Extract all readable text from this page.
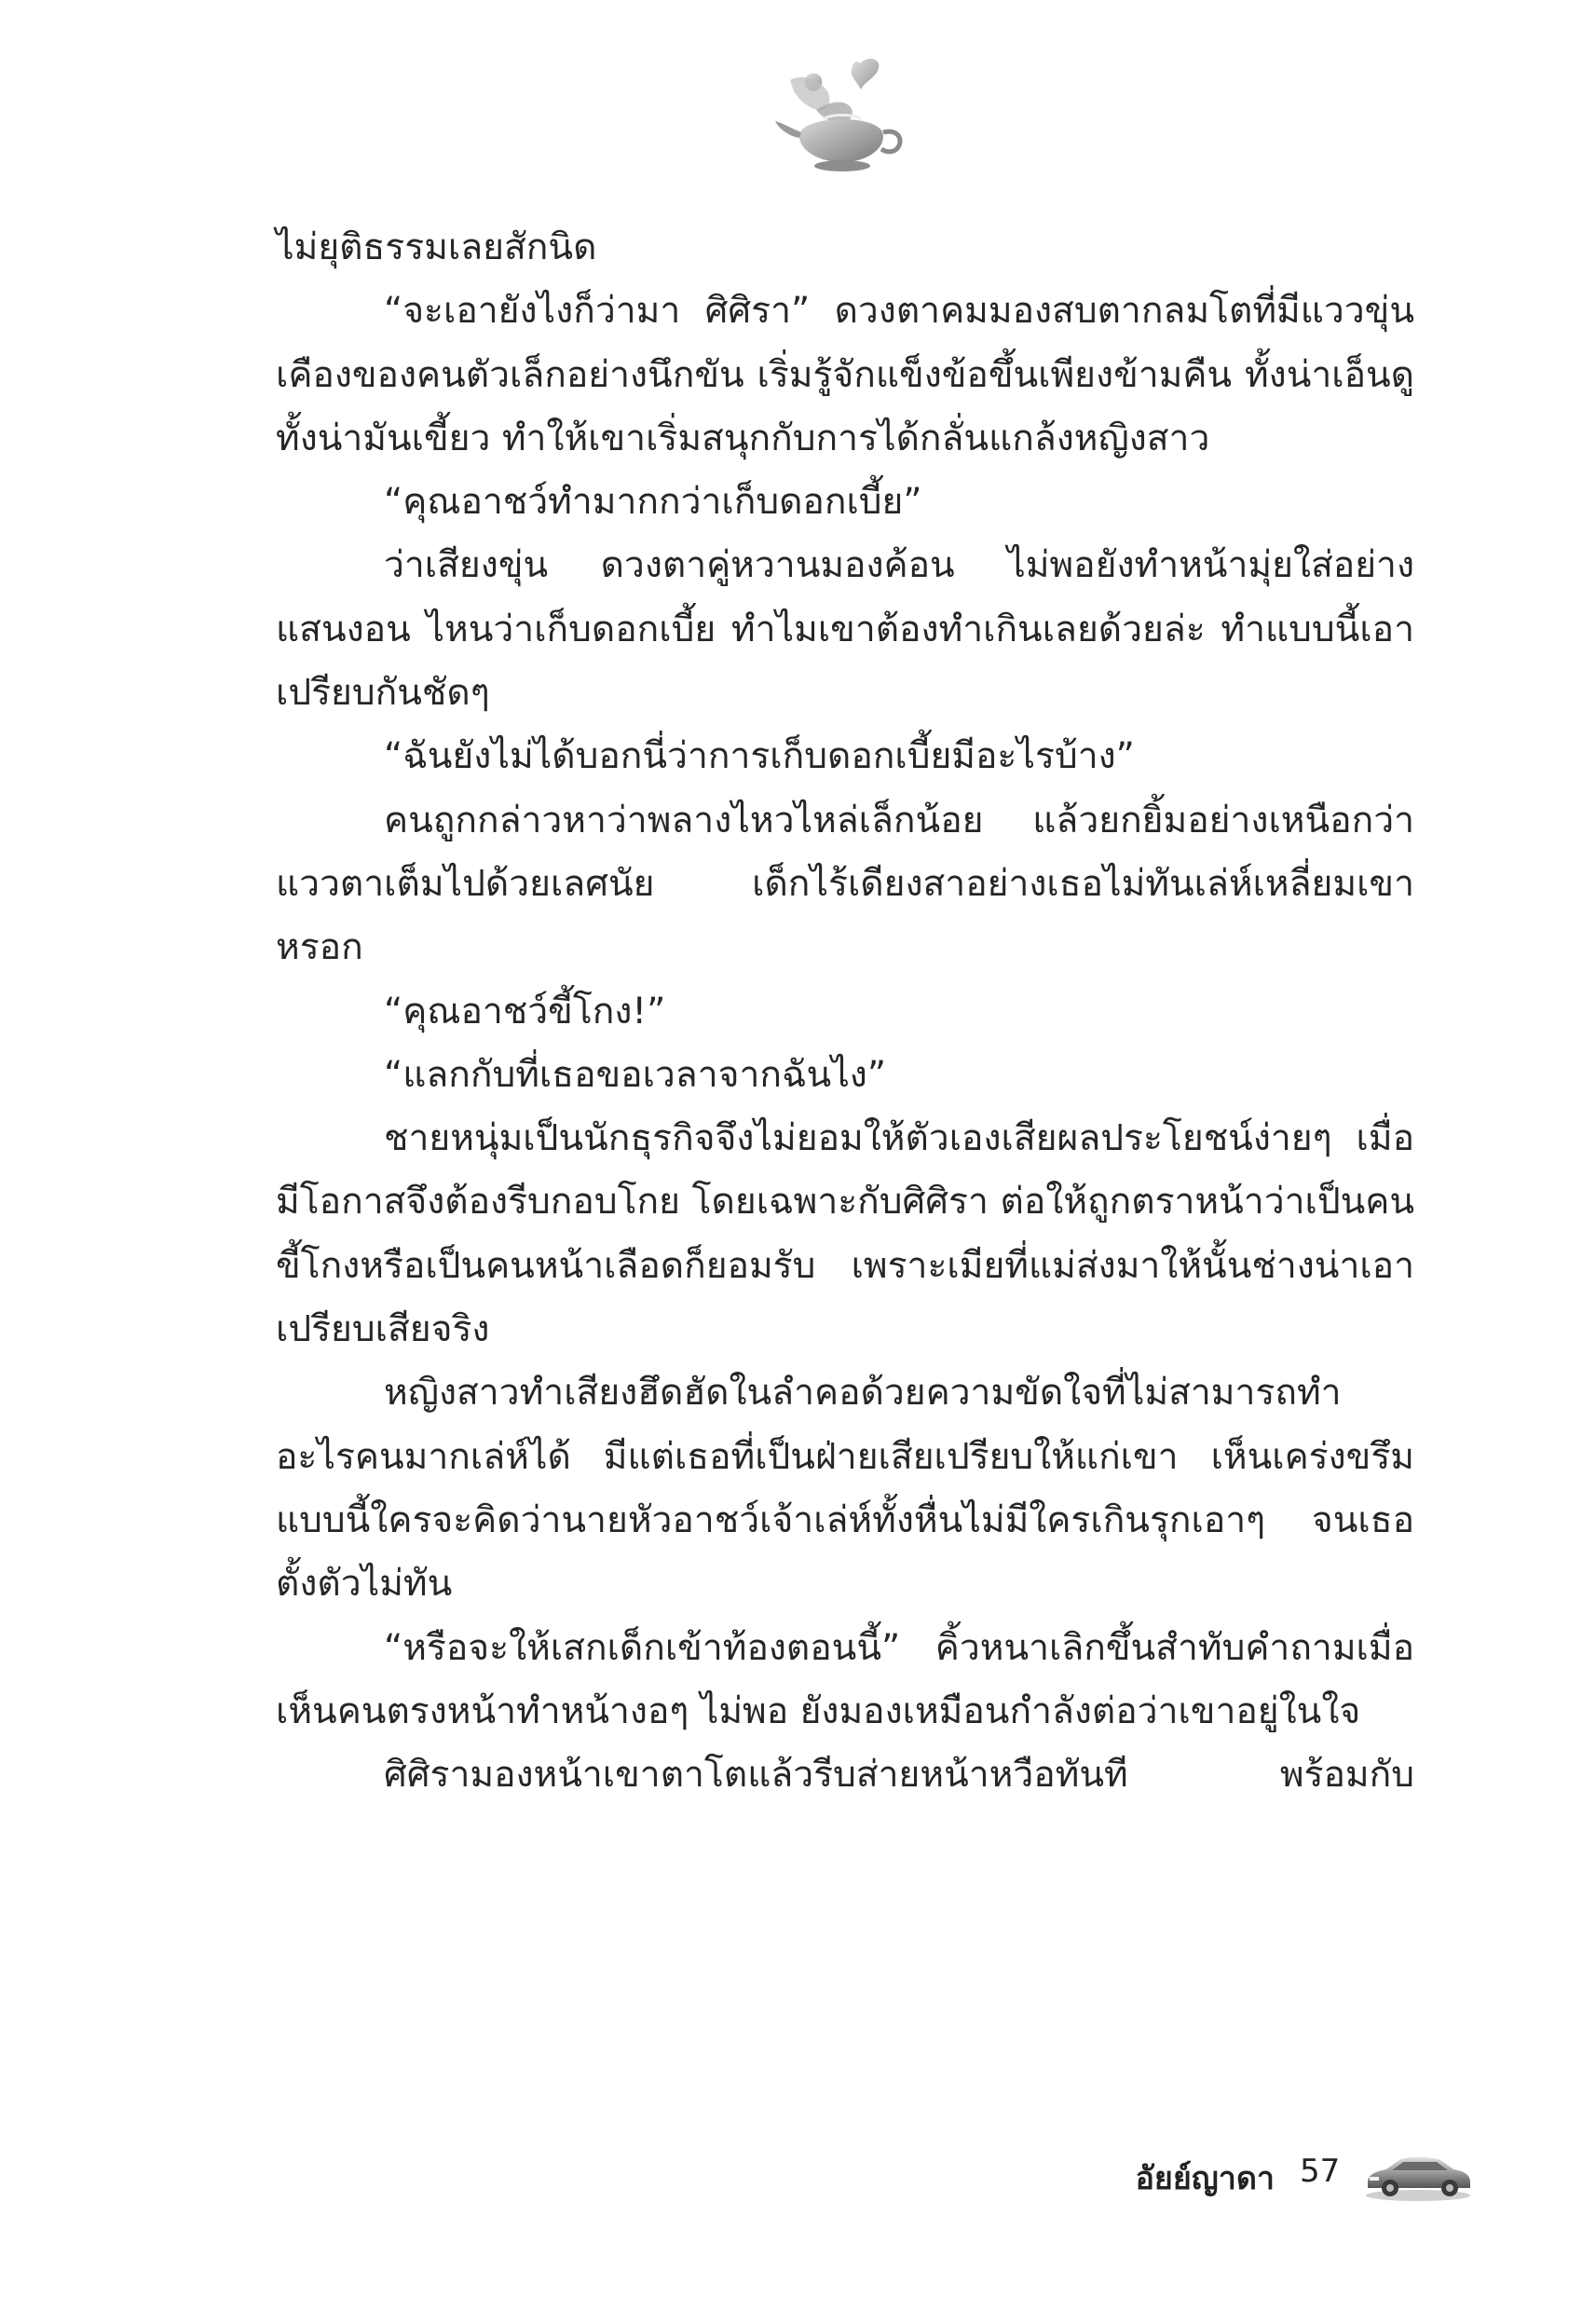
ไม่ยุติธรรมเลยสักนิด

“จะเอายังไงก็ว่ามา ศิศิรา” ดวงตาคมมองสบตากลมโตที่มีแววขุ่นเคืองของคนตัวเล็กอย่างนึกขัน เริ่มรู้จักแข็งข้อขึ้นเพียงข้ามคืน ทั้งน่าเอ็นดูทั้งน่ามันเขี้ยว ทำให้เขาเริ่มสนุกกับการได้กลั่นแกล้งหญิงสาว

“คุณอาชว์ทำมากกว่าเก็บดอกเบี้ย”

ว่าเสียงขุ่น ดวงตาคู่หวานมองค้อน ไม่พอยังทำหน้ามุ่ยใส่อย่างแสนงอน ไหนว่าเก็บดอกเบี้ย ทำไมเขาต้องทำเกินเลยด้วยล่ะ ทำแบบนี้เอาเปรียบกันชัดๆ

“ฉันยังไม่ได้บอกนี่ว่าการเก็บดอกเบี้ยมีอะไรบ้าง”

คนถูกกล่าวหาว่าพลางไหวไหล่เล็กน้อย แล้วยกยิ้มอย่างเหนือกว่าแววตาเต็มไปด้วยเลศนัย เด็กไร้เดียงสาอย่างเธอไม่ทันเล่ห์เหลี่ยมเขาหรอก

“คุณอาชว์ขี้โกง!”

“แลกกับที่เธอขอเวลาจากฉันไง”

ชายหนุ่มเป็นนักธุรกิจจึงไม่ยอมให้ตัวเองเสียผลประโยชน์ง่ายๆ เมื่อมีโอกาสจึงต้องรีบกอบโกย โดยเฉพาะกับศิศิรา ต่อให้ถูกตราหน้าว่าเป็นคนขี้โกงหรือเป็นคนหน้าเลือดก็ยอมรับ เพราะเมียที่แม่ส่งมาให้นั้นช่างน่าเอาเปรียบเสียจริง

หญิงสาวทำเสียงฮึดฮัดในลำคอด้วยความขัดใจที่ไม่สามารถทำอะไรคนมากเล่ห์ได้ มีแต่เธอที่เป็นฝ่ายเสียเปรียบให้แก่เขา เห็นเคร่งขรึมแบบนี้ใครจะคิดว่านายหัวอาชว์เจ้าเล่ห์ทั้งหื่นไม่มีใครเกินรุกเอาๆ จนเธอตั้งตัวไม่ทัน

“หรือจะให้เสกเด็กเข้าท้องตอนนี้” คิ้วหนาเลิกขึ้นสำทับคำถามเมื่อเห็นคนตรงหน้าทำหน้างอๆ ไม่พอ ยังมองเหมือนกำลังต่อว่าเขาอยู่ในใจ

ศิศิรามองหน้าเขาตาโตแล้วรีบส่ายหน้าหวือทันที พร้อมกับ

อัยย์ญาดา 57
